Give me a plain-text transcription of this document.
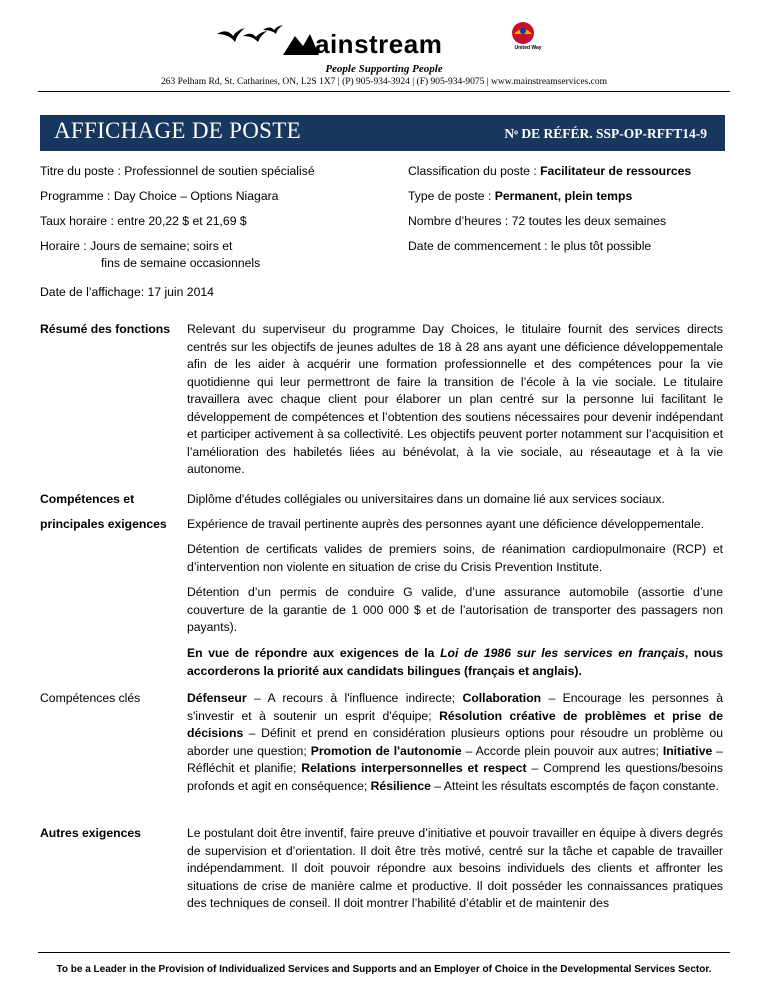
ainstream	United Way
People Supporting People
263 Pelham Rd, St. Catharines, ON, L2S 1X7 | (P) 905-934-3924 | (F) 905-934-9075 | www.mainstreamservices.com
AFFICHAGE DE POSTE	Nᵒ DE RÉFÉR. SSP-OP-RFFT14-9
Titre du poste : Professionnel de soutien spécialisé	Classification du poste : Facilitateur de ressources
Programme : Day Choice – Options Niagara	Type de poste : Permanent, plein temps
Taux horaire : entre 20,22 $ et 21,69 $	Nombre d’heures : 72 toutes les deux semaines
Horaire : Jours de semaine; soirs et
fins de semaine occasionnels
Date de commencement : le plus tôt possible
Date de l’affichage: 17 juin 2014
Résumé des fonctions Relevant du superviseur du programme Day Choices, le titulaire fournit des services directs centrés sur les objectifs de jeunes adultes de 18 à 28 ans ayant une déficience développementale afin de les aider à acquérir une formation professionnelle et des compétences pour la vie quotidienne qui leur permettront de faire la transition de l’école à la vie sociale. Le titulaire travaillera avec chaque client pour élaborer un plan centré sur la personne lui facilitant le développement de compétences et l’obtention des soutiens nécessaires pour devenir indépendant et participer activement à sa collectivité. Les objectifs peuvent porter notamment sur l’acquisition et l’amélioration des habiletés liées au bénévolat, à la vie sociale, au réseautage et à la vie autonome.
Compétences et
principales exigences
Diplôme d'études collégiales ou universitaires dans un domaine lié aux services sociaux.
Expérience de travail pertinente auprès des personnes ayant une déficience développementale.
Détention de certificats valides de premiers soins, de réanimation cardiopulmonaire (RCP) et d’intervention non violente en situation de crise du Crisis Prevention Institute.
Détention d’un permis de conduire G valide, d’une assurance automobile (assortie d’une couverture de la garantie de 1 000 000 $ et de l’autorisation de transporter des passagers non payants).
En vue de répondre aux exigences de la Loi de 1986 sur les services en français, nous accorderons la priorité aux candidats bilingues (français et anglais).
Compétences clés	Défenseur – A recours à l'influence indirecte; Collaboration – Encourage les personnes à s'investir et à soutenir un esprit d'équipe; Résolution créative de problèmes et prise de décisions – Définit et prend en considération plusieurs options pour résoudre un problème ou aborder une question; Promotion de l'autonomie – Accorde plein pouvoir aux autres; Initiative – Réfléchit et planifie; Relations interpersonnelles et respect – Comprend les questions/besoins profonds et agit en conséquence; Résilience – Atteint les résultats escomptés de façon constante.
Autres exigences	Le postulant doit être inventif, faire preuve d’initiative et pouvoir travailler en équipe à divers degrés de supervision et d’orientation. Il doit être très motivé, centré sur la tâche et capable de travailler indépendamment. Il doit pouvoir répondre aux besoins individuels des clients et affronter les situations de crise de manière calme et productive. Il doit posséder les connaissances pratiques des techniques de conseil. Il doit montrer l’habilité d’établir et de maintenir des
To be a Leader in the Provision of Individualized Services and Supports and an Employer of Choice in the Developmental Services Sector.
